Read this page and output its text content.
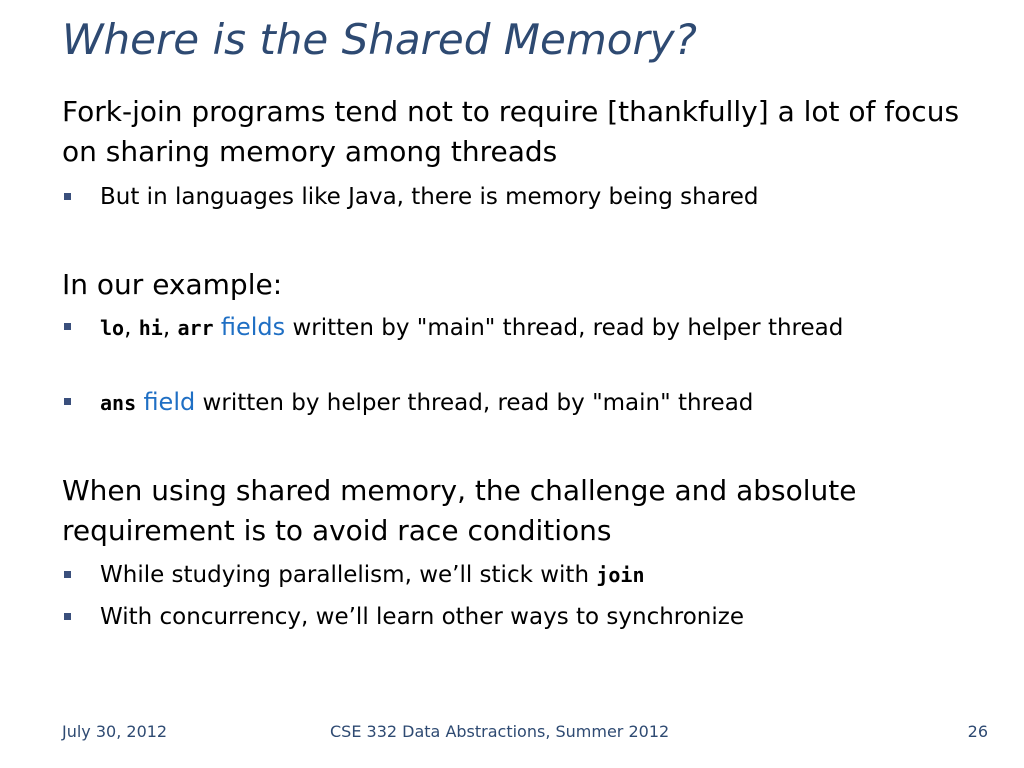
Where is the Shared Memory?

Fork-join programs tend not to require [thankfully] a lot of focus on sharing memory among threads

But in languages like Java, there is memory being shared

In our example:

lo, hi, arr fields written by "main" thread, read by helper thread
ans field written by helper thread, read by "main" thread

When using shared memory, the challenge and absolute requirement is to avoid race conditions

While studying parallelism, we’ll stick with join
With concurrency, we’ll learn other ways to synchronize

July 30, 2012	CSE 332 Data Abstractions, Summer 2012	26
